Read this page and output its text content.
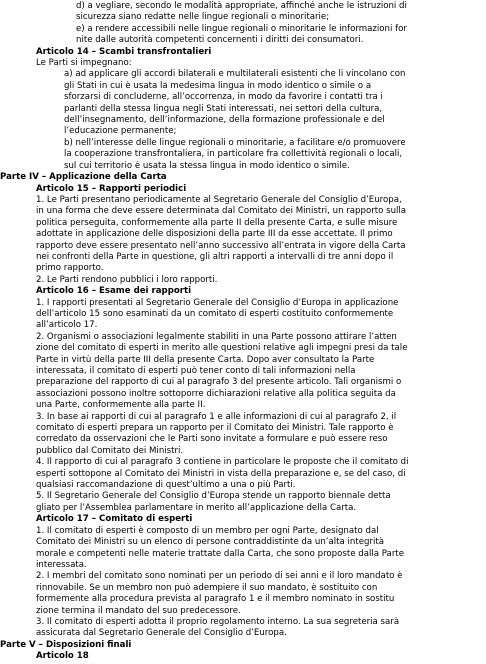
d) a vegliare, secondo le modalità appropriate, affinché anche le istruzioni di

sicurezza siano redatte nelle lingue regionali o minoritarie;

e) a rendere accessibili nelle lingue regionali o minoritarie le informazioni for

nite dalle autorità competenti concernenti i diritti dei consumatori.

Articolo 14 – Scambi transfrontalieri

Le Parti si impegnano:

a) ad applicare gli accordi bilaterali e multilaterali esistenti che li vincolano con

gli Stati in cui è usata la medesima lingua in modo identico o simile o a

sforzarsi di concluderne, all’occorrenza, in modo da favorire i contatti tra i

parlanti della stessa lingua negli Stati interessati, nei settori della cultura,

dell’insegnamento, dell’informazione, della formazione professionale e del

l’educazione permanente;

b) nell’interesse delle lingue regionali o minoritarie, a facilitare e/o promuovere

la cooperazione transfrontaliera, in particolare fra collettività regionali o locali,

sul cui territorio è usata la stessa lingua in modo identico o simile.

Parte IV – Applicazione della Carta

Articolo 15 – Rapporti periodici

1. Le Parti presentano periodicamente al Segretario Generale del Consiglio d’Europa,

in una forma che deve essere determinata dal Comitato dei Ministri, un rapporto sulla

politica perseguita, conformemente alla parte II della presente Carta, e sulle misure

adottate in applicazione delle disposizioni della parte III da esse accettate. Il primo

rapporto deve essere presentato nell’anno successivo all’entrata in vigore della Carta

nei confronti della Parte in questione, gli altri rapporti a intervalli di tre anni dopo il

primo rapporto.

2. Le Parti rendono pubblici i loro rapporti.

Articolo 16 – Esame dei rapporti

1. I rapporti presentati al Segretario Generale del Consiglio d’Europa in applicazione

dell’articolo 15 sono esaminati da un comitato di esperti costituito conformemente

all’articolo 17.

2. Organismi o associazioni legalmente stabiliti in una Parte possono attirare l’atten

zione del comitato di esperti in merito alle questioni relative agli impegni presi da tale

Parte in virtù della parte III della presente Carta. Dopo aver consultato la Parte

interessata, il comitato di esperti può tener conto di tali informazioni nella

preparazione del rapporto di cui al paragrafo 3 del presente articolo. Tali organismi o

associazioni possono inoltre sottoporre dichiarazioni relative alla politica seguita da

una Parte, conformemente alla parte II.

3. In base ai rapporti di cui al paragrafo 1 e alle informazioni di cui al paragrafo 2, il

comitato di esperti prepara un rapporto per il Comitato dei Ministri. Tale rapporto è

corredato da osservazioni che le Parti sono invitate a formulare e può essere reso

pubblico dal Comitato dei Ministri.

4. Il rapporto di cui al paragrafo 3 contiene in particolare le proposte che il comitato di

esperti sottopone al Comitato dei Ministri in vista della preparazione e, se del caso, di

qualsiasi raccomandazione di quest’ultimo a una o più Parti.

5. Il Segretario Generale del Consiglio d’Europa stende un rapporto biennale detta

gliato per l’Assemblea parlamentare in merito all’applicazione della Carta.

Articolo 17 – Comitato di esperti

1. Il comitato di esperti è composto di un membro per ogni Parte, designato dal

Comitato dei Ministri su un elenco di persone contraddistinte da un’alta integrità

morale e competenti nelle materie trattate dalla Carta, che sono proposte dalla Parte

interessata.

2. I membri del comitato sono nominati per un periodo di sei anni e il loro mandato è

rinnovabile. Se un membro non può adempiere il suo mandato, è sostituito con

formemente alla procedura prevista al paragrafo 1 e il membro nominato in sostitu

zione termina il mandato del suo predecessore.

3. Il comitato di esperti adotta il proprio regolamento interno. La sua segreteria sarà

assicurata dal Segretario Generale del Consiglio d’Europa.

Parte V – Disposizioni finali

Articolo 18
